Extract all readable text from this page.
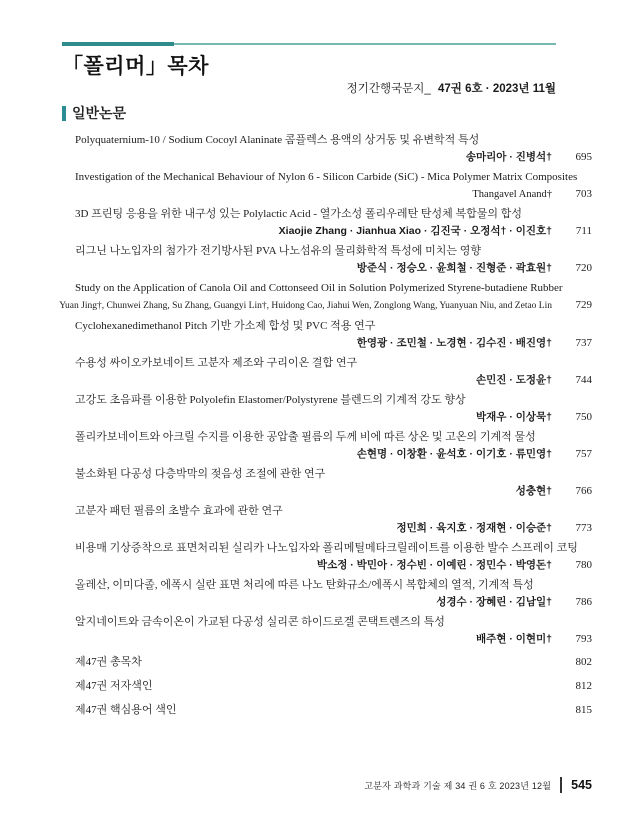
「폴리머」목차
정기간행국문지_ 47권 6호 · 2023년 11월
일반논문
Polyquaternium-10 / Sodium Cocoyl Alaninate 콤플렉스 용액의 상거동 및 유변학적 특성
송마리아 · 진병석†	695
Investigation of the Mechanical Behaviour of Nylon 6 - Silicon Carbide (SiC) - Mica Polymer Matrix Composites
Thangavel Anand†	703
3D 프린팅 응용을 위한 내구성 있는 Polylactic Acid - 열가소성 폴리우레탄 탄성체 복합물의 합성
Xiaojie Zhang · Jianhua Xiao · 김진국 · 오정석† · 이진호†	711
리그닌 나노입자의 첨가가 전기방사된 PVA 나노섬유의 물리화학적 특성에 미치는 영향
방준식 · 정승오 · 윤희철 · 진형준 · 곽효원†	720
Study on the Application of Canola Oil and Cottonseed Oil in Solution Polymerized Styrene-butadiene Rubber
Yuan Jing†, Chunwei Zhang, Su Zhang, Guangyi Lin†, Huidong Cao, Jiahui Wen, Zonglong Wang, Yuanyuan Niu, and Zetao Lin	729
Cyclohexanedimethanol Pitch 기반 가소제 합성 및 PVC 적용 연구
한영광 · 조민철 · 노경현 · 김수진 · 배진영†	737
수용성 싸이오카보네이트 고분자 제조와 구리이온 결합 연구
손민진 · 도정윤†	744
고강도 초음파를 이용한 Polyolefin Elastomer/Polystyrene 블렌드의 기계적 강도 향상
박재우 · 이상묵†	750
폴리카보네이트와 아크릴 수지를 이용한 공압출 필름의 두께 비에 따른 상온 및 고온의 기계적 물성
손현명 · 이창환 · 윤석호 · 이기호 · 류민영†	757
불소화된 다공성 다층박막의 젖음성 조절에 관한 연구
성충현†	766
고분자 패턴 필름의 초발수 효과에 관한 연구
정민희 · 육지호 · 정재현 · 이승준†	773
비용매 기상증착으로 표면처리된 실리카 나노입자와 폴리메틸메타크릴레이트를 이용한 발수 스프레이 코팅
박소정 · 박민아 · 정수빈 · 이예린 · 정민수 · 박영돈†	780
올레산, 이미다졸, 에폭시 실란 표면 처리에 따른 나노 탄화규소/에폭시 복합체의 열적, 기계적 특성
성경수 · 장혜린 · 김남일†	786
알지네이트와 금속이온이 가교된 다공성 실리콘 하이드로겔 콘택트렌즈의 특성
배주현 · 이현미†	793
제47권 총목차	802
제47권 저자색인	812
제47권 핵심용어 색인	815
고분자 과학과 기술 제 34 권 6 호 2023년 12월	545
